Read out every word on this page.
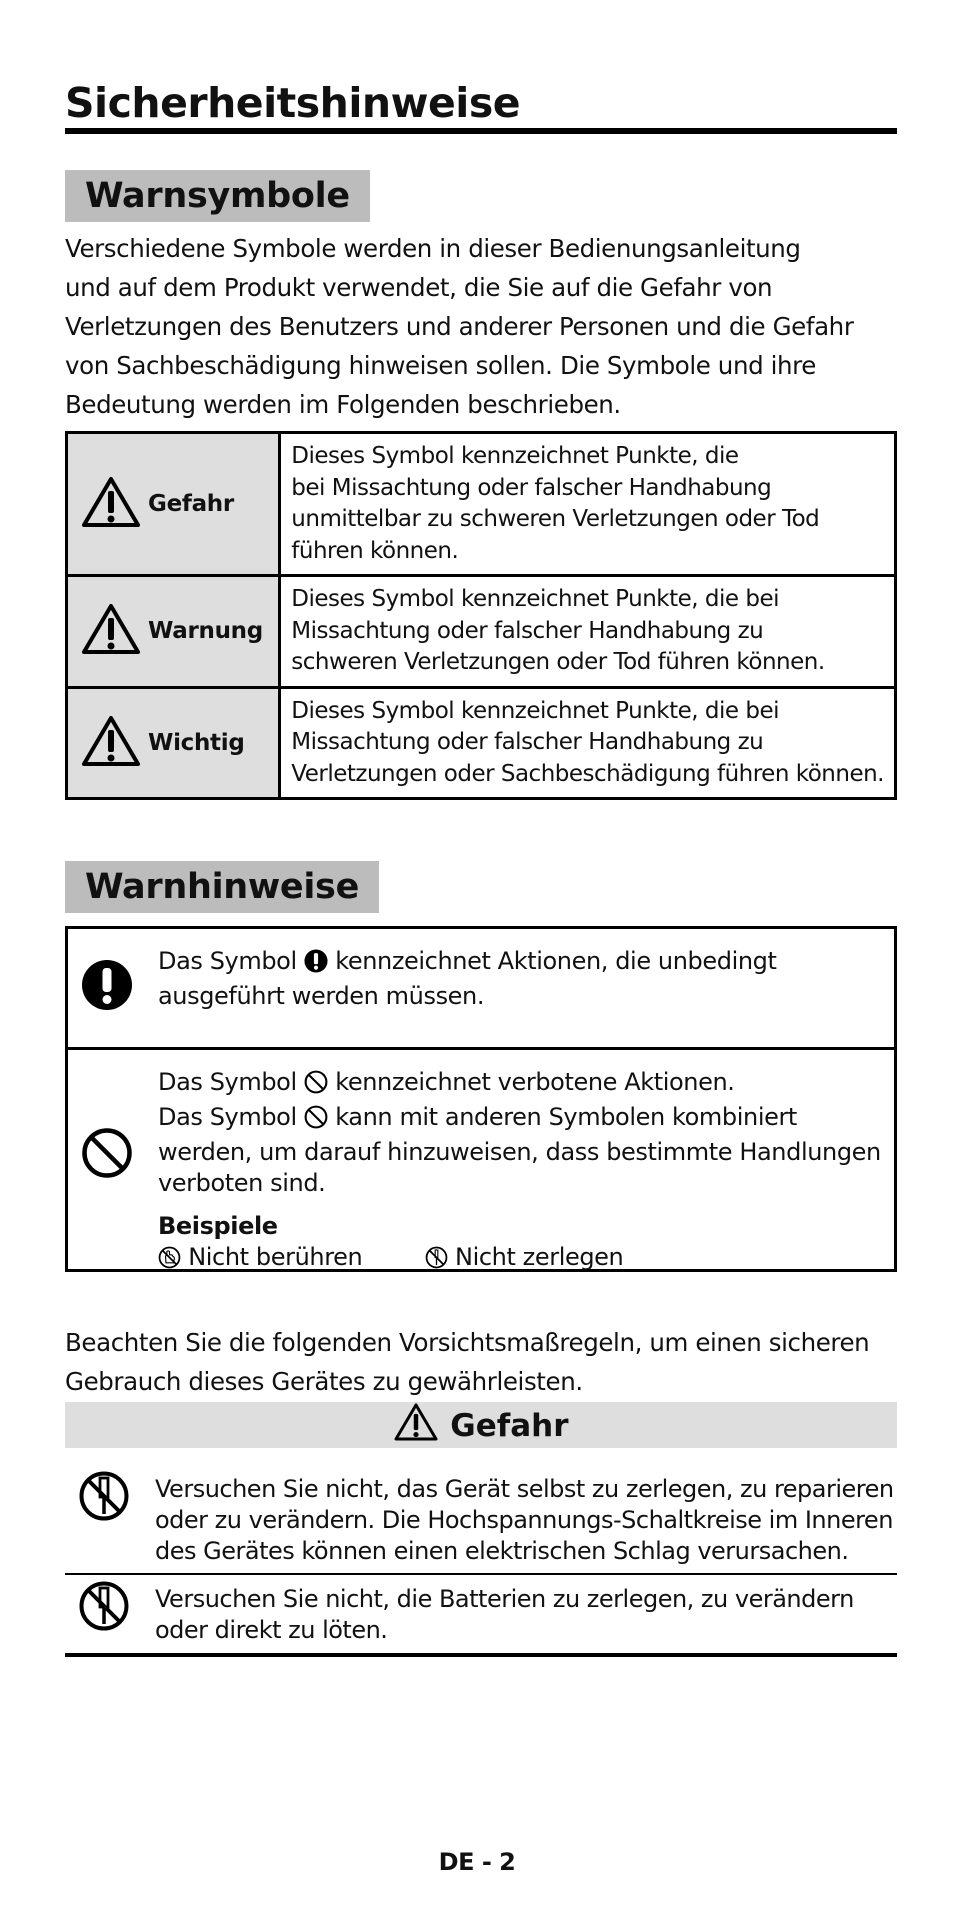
Sicherheitshinweise
Warnsymbole
Verschiedene Symbole werden in dieser Bedienungsanleitung
und auf dem Produkt verwendet, die Sie auf die Gefahr von
Verletzungen des Benutzers und anderer Personen und die Gefahr
von Sachbeschädigung hinweisen sollen. Die Symbole und ihre
Bedeutung werden im Folgenden beschrieben.
Gefahr	Dieses Symbol kennzeichnet Punkte, die
bei Missachtung oder falscher Handhabung
unmittelbar zu schweren Verletzungen oder Tod
führen können.

Warnung	Dieses Symbol kennzeichnet Punkte, die bei
Missachtung oder falscher Handhabung zu
schweren Verletzungen oder Tod führen können.

Wichtig	Dieses Symbol kennzeichnet Punkte, die bei
Missachtung oder falscher Handhabung zu
Verletzungen oder Sachbeschädigung führen können.
Warnhinweise
Das Symbol kennzeichnet Aktionen, die unbedingt
ausgeführt werden müssen.
Das Symbol kennzeichnet verbotene Aktionen.
Das Symbol kann mit anderen Symbolen kombiniert
werden, um darauf hinzuweisen, dass bestimmte Handlungen
verboten sind.
Beispiele
Nicht berühren	Nicht zerlegen
Beachten Sie die folgenden Vorsichtsmaßregeln, um einen sicheren
Gebrauch dieses Gerätes zu gewährleisten.
Gefahr
Versuchen Sie nicht, das Gerät selbst zu zerlegen, zu reparieren
oder zu verändern. Die Hochspannungs-Schaltkreise im Inneren
des Gerätes können einen elektrischen Schlag verursachen.
Versuchen Sie nicht, die Batterien zu zerlegen, zu verändern
oder direkt zu löten.
DE - 2
